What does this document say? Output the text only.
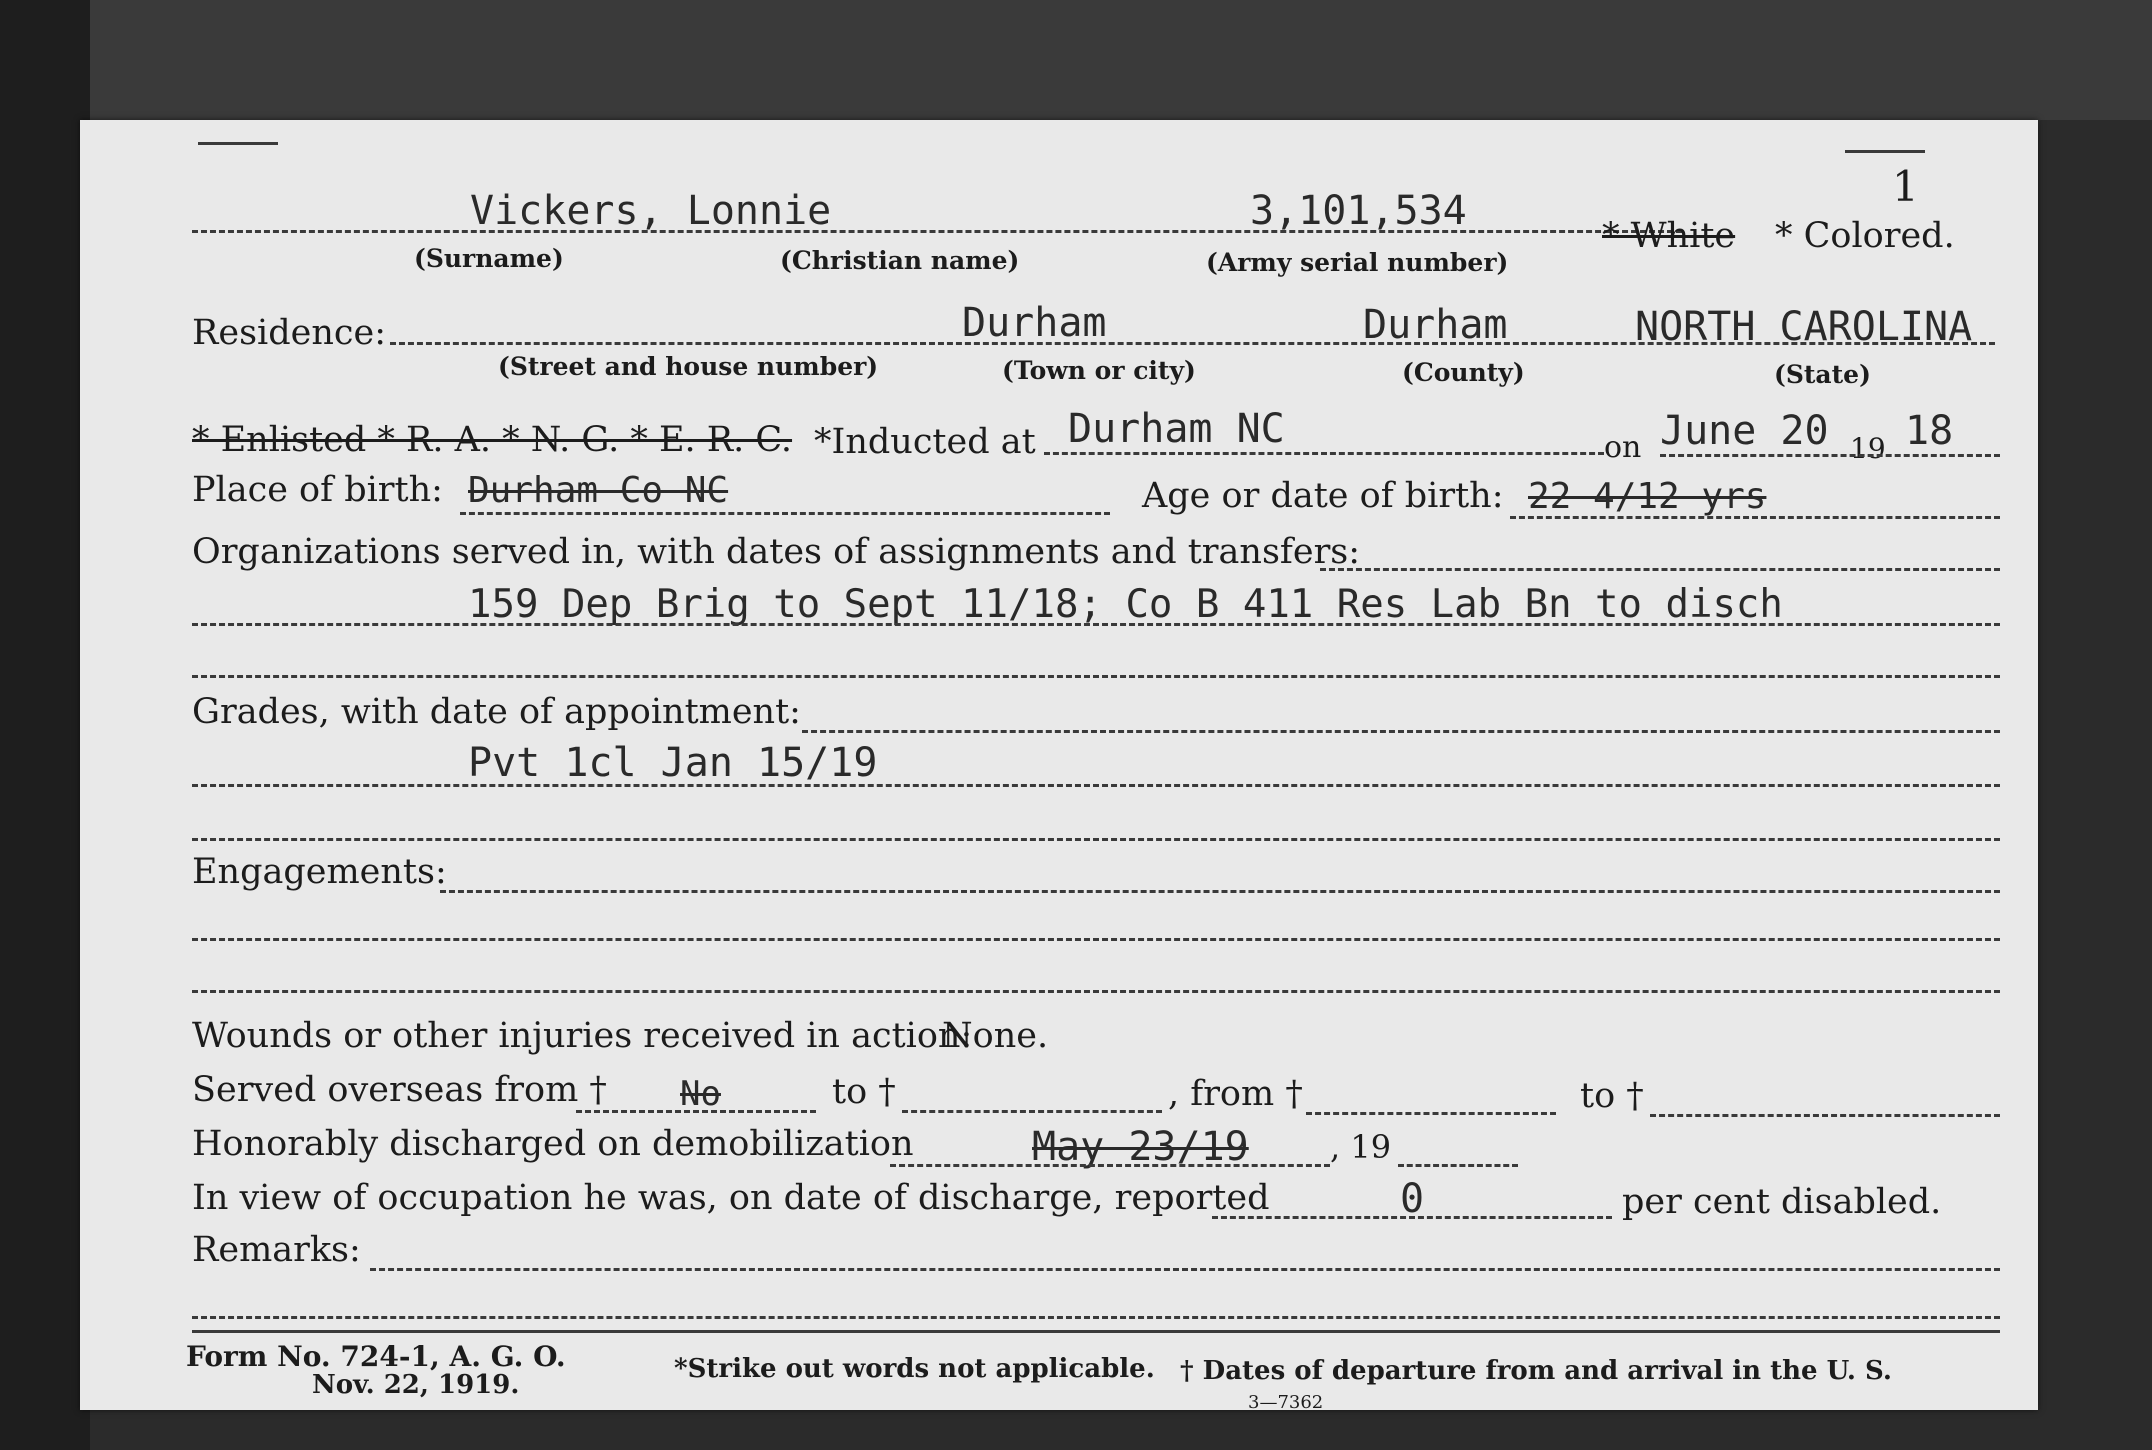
1
Vickers, Lonnie	3,101,534
* White * Colored.
(Surname)	(Christian name)	(Army serial number)
Residence:	Durham	Durham	NORTH CAROLINA
(Street and house number)	(Town or city)	(County)	(State)
* Enlisted * R. A. * N. G. * E. R. C. *Inducted at Durham NC	on June 20 19 18
Place of birth: Durham Co NC	Age or date of birth: 22 4/12 yrs
Organizations served in, with dates of assignments and transfers:
159 Dep Brig to Sept 11/18; Co B 411 Res Lab Bn to disch
Grades, with date of appointment:
Pvt 1cl Jan 15/19
Engagements:
Wounds or other injuries received in action:
None.
Served overseas from † No	to †	, from †	to †
Honorably discharged on demobilization	May 23/19	, 19
In view of occupation he was, on date of discharge, reported	0	per cent disabled.
Remarks:
Form No. 724-1, A. G. O.
Nov. 22, 1919.
*Strike out words not applicable. † Dates of departure from and arrival in the U. S.
3—7362
